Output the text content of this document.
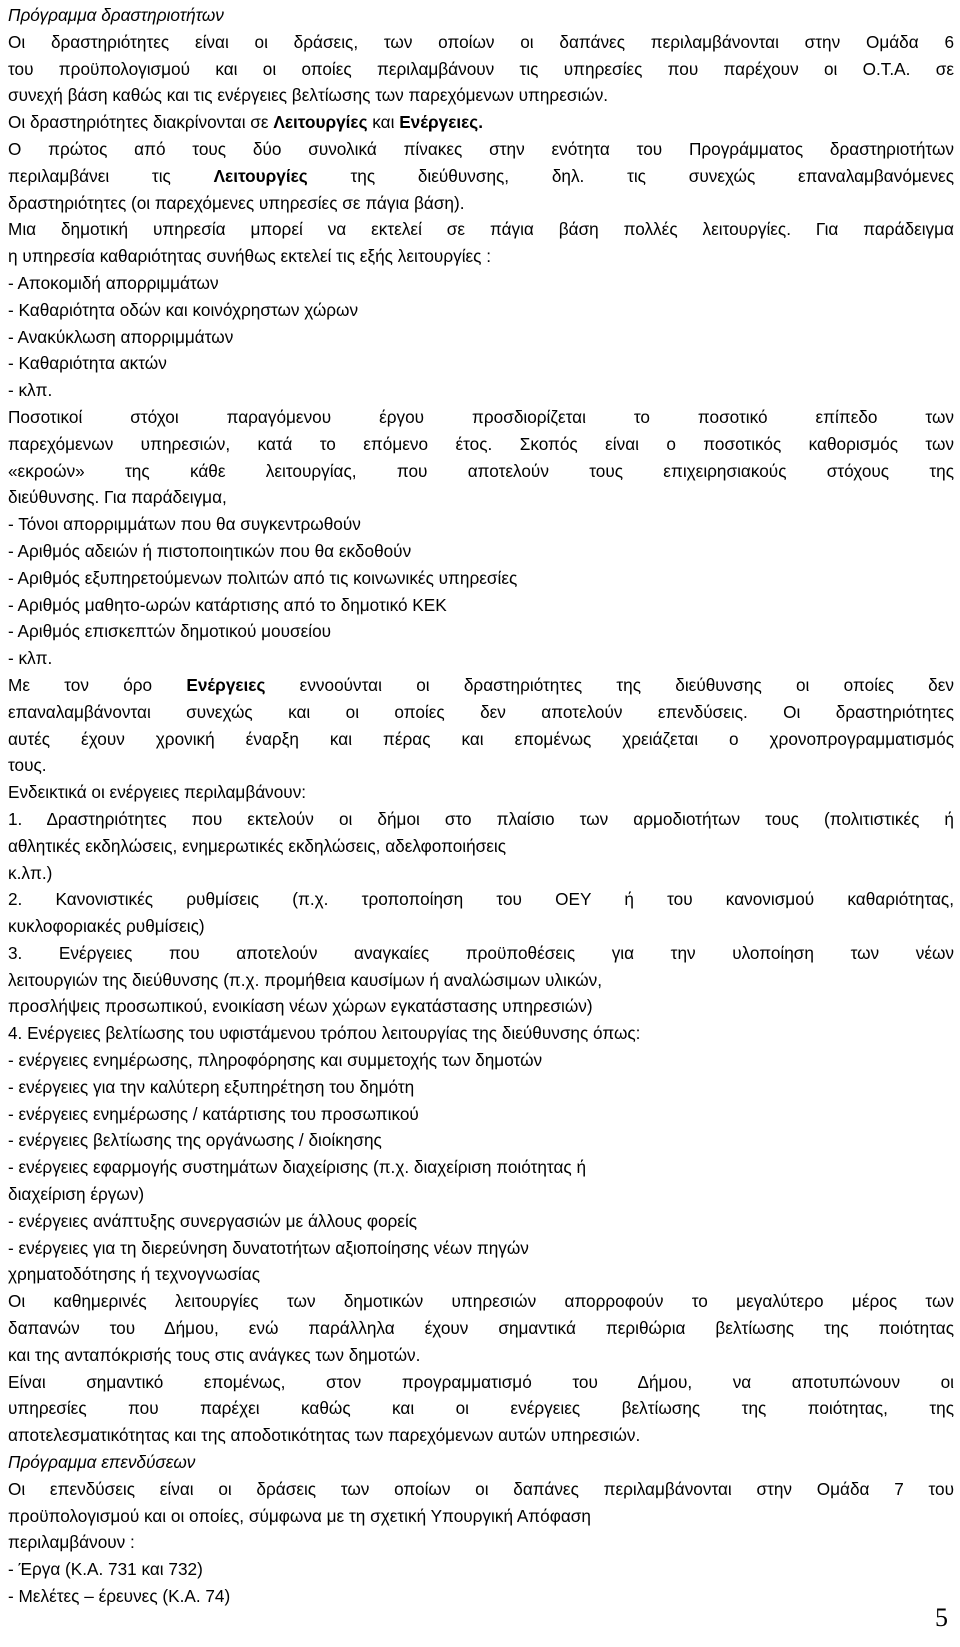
Πρόγραμμα δραστηριοτήτων

Οι δραστηριότητες είναι οι δράσεις, των οποίων οι δαπάνες περιλαμβάνονται στην Ομάδα 6

του προϋπολογισμού και οι οποίες περιλαμβάνουν τις υπηρεσίες που παρέχουν οι Ο.Τ.Α. σε

συνεχή βάση καθώς και τις ενέργειες βελτίωσης των παρεχόμενων υπηρεσιών.

Οι δραστηριότητες διακρίνονται σε Λειτουργίες και Ενέργειες.

Ο πρώτος από τους δύο συνολικά πίνακες στην ενότητα του Προγράμματος δραστηριοτήτων

περιλαμβάνει τις Λειτουργίες της διεύθυνσης, δηλ. τις συνεχώς επαναλαμβανόμενες

δραστηριότητες (οι παρεχόμενες υπηρεσίες σε πάγια βάση).

Μια δημοτική υπηρεσία μπορεί να εκτελεί σε πάγια βάση πολλές λειτουργίες. Για παράδειγμα

η υπηρεσία καθαριότητας συνήθως εκτελεί τις εξής λειτουργίες :

- Αποκομιδή απορριμμάτων

- Καθαριότητα οδών και κοινόχρηστων χώρων

- Ανακύκλωση απορριμμάτων

- Καθαριότητα ακτών

- κλπ.

Ποσοτικοί στόχοι παραγόμενου έργου προσδιορίζεται το ποσοτικό επίπεδο των

παρεχόμενων υπηρεσιών, κατά το επόμενο έτος. Σκοπός είναι ο ποσοτικός καθορισμός των

«εκροών» της κάθε λειτουργίας, που αποτελούν τους επιχειρησιακούς στόχους της

διεύθυνσης. Για παράδειγμα,

- Τόνοι απορριμμάτων που θα συγκεντρωθούν

- Αριθμός αδειών ή πιστοποιητικών που θα εκδοθούν

- Αριθμός εξυπηρετούμενων πολιτών από τις κοινωνικές υπηρεσίες

- Αριθμός μαθητο-ωρών κατάρτισης από το δημοτικό ΚΕΚ

- Αριθμός επισκεπτών δημοτικού μουσείου

- κλπ.

Με τον όρο Ενέργειες εννοούνται οι δραστηριότητες της διεύθυνσης οι οποίες δεν

επαναλαμβάνονται συνεχώς και οι οποίες δεν αποτελούν επενδύσεις. Οι δραστηριότητες

αυτές έχουν χρονική έναρξη και πέρας και επομένως χρειάζεται ο χρονοπρογραμματισμός

τους.

Ενδεικτικά οι ενέργειες περιλαμβάνουν:

1. Δραστηριότητες που εκτελούν οι δήμοι στο πλαίσιο των αρμοδιοτήτων τους (πολιτιστικές ή

αθλητικές εκδηλώσεις, ενημερωτικές εκδηλώσεις, αδελφοποιήσεις

κ.λπ.)

2. Κανονιστικές ρυθμίσεις (π.χ. τροποποίηση του ΟΕΥ ή του κανονισμού καθαριότητας,

κυκλοφοριακές ρυθμίσεις)

3. Ενέργειες που αποτελούν αναγκαίες προϋποθέσεις για την υλοποίηση των νέων

λειτουργιών της διεύθυνσης (π.χ. προμήθεια καυσίμων ή αναλώσιμων υλικών,

προσλήψεις προσωπικού, ενοικίαση νέων χώρων εγκατάστασης υπηρεσιών)

4. Ενέργειες βελτίωσης του υφιστάμενου τρόπου λειτουργίας της διεύθυνσης όπως:

- ενέργειες ενημέρωσης, πληροφόρησης και συμμετοχής των δημοτών

- ενέργειες για την καλύτερη εξυπηρέτηση του δημότη

- ενέργειες ενημέρωσης / κατάρτισης του προσωπικού

- ενέργειες βελτίωσης της οργάνωσης / διοίκησης

- ενέργειες εφαρμογής συστημάτων διαχείρισης (π.χ. διαχείριση ποιότητας ή

διαχείριση έργων)

- ενέργειες ανάπτυξης συνεργασιών με άλλους φορείς

- ενέργειες για τη διερεύνηση δυνατοτήτων αξιοποίησης νέων πηγών

χρηματοδότησης ή τεχνογνωσίας

Οι καθημερινές λειτουργίες των δημοτικών υπηρεσιών απορροφούν το μεγαλύτερο μέρος των

δαπανών του Δήμου, ενώ παράλληλα έχουν σημαντικά περιθώρια βελτίωσης της ποιότητας

και της ανταπόκρισής τους στις ανάγκες των δημοτών.

Είναι σημαντικό επομένως, στον προγραμματισμό του Δήμου, να αποτυπώνουν οι

υπηρεσίες που παρέχει καθώς και οι ενέργειες βελτίωσης της ποιότητας, της

αποτελεσματικότητας και της αποδοτικότητας των παρεχόμενων αυτών υπηρεσιών.

Πρόγραμμα επενδύσεων

Οι επενδύσεις είναι οι δράσεις των οποίων οι δαπάνες περιλαμβάνονται στην Ομάδα 7 του

προϋπολογισμού και οι οποίες, σύμφωνα με τη σχετική Υπουργική Απόφαση

περιλαμβάνουν :

- Έργα (Κ.Α. 731 και 732)

- Μελέτες – έρευνες (Κ.Α. 74)

5
